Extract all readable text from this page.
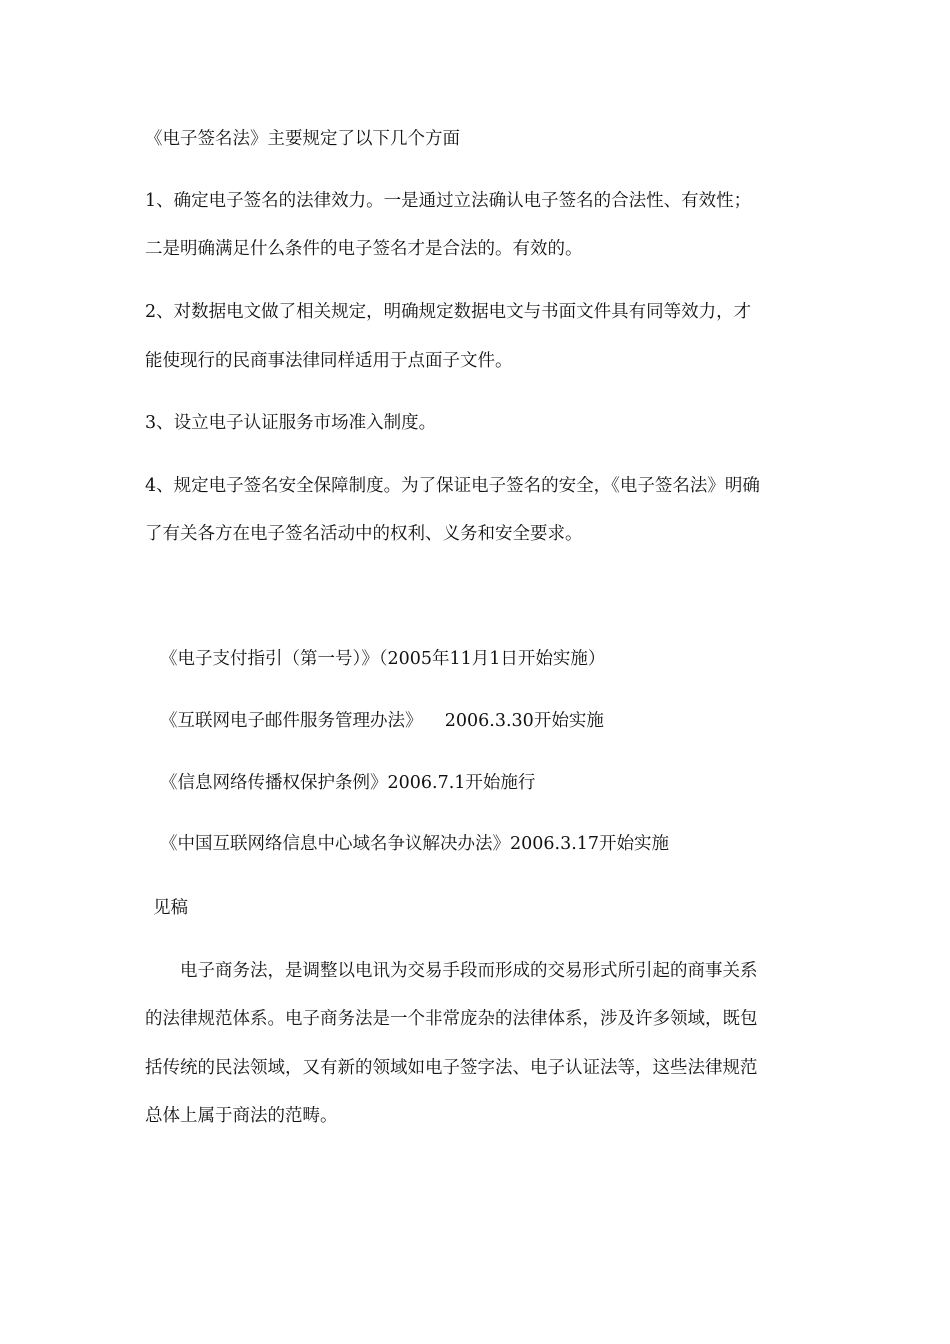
《电子签名法》主要规定了以下几个方面
1、确定电子签名的法律效力。一是通过立法确认电子签名的合法性、有效性；
二是明确满足什么条件的电子签名才是合法的。有效的。
2、对数据电文做了相关规定，明确规定数据电文与书面文件具有同等效力，才
能使现行的民商事法律同样适用于点面子文件。
3、设立电子认证服务市场准入制度。
4、规定电子签名安全保障制度。为了保证电子签名的安全，《电子签名法》明确
了有关各方在电子签名活动中的权利、义务和安全要求。
《电子支付指引（第一号）》（2005年11月1日开始实施）
《互联网电子邮件服务管理办法》    2006.3.30开始实施
《信息网络传播权保护条例》2006.7.1开始施行
《中国互联网络信息中心域名争议解决办法》2006.3.17开始实施
见稿
电子商务法，是调整以电讯为交易手段而形成的交易形式所引起的商事关系
的法律规范体系。电子商务法是一个非常庞杂的法律体系，涉及许多领域，既包
括传统的民法领域，又有新的领域如电子签字法、电子认证法等，这些法律规范
总体上属于商法的范畴。
